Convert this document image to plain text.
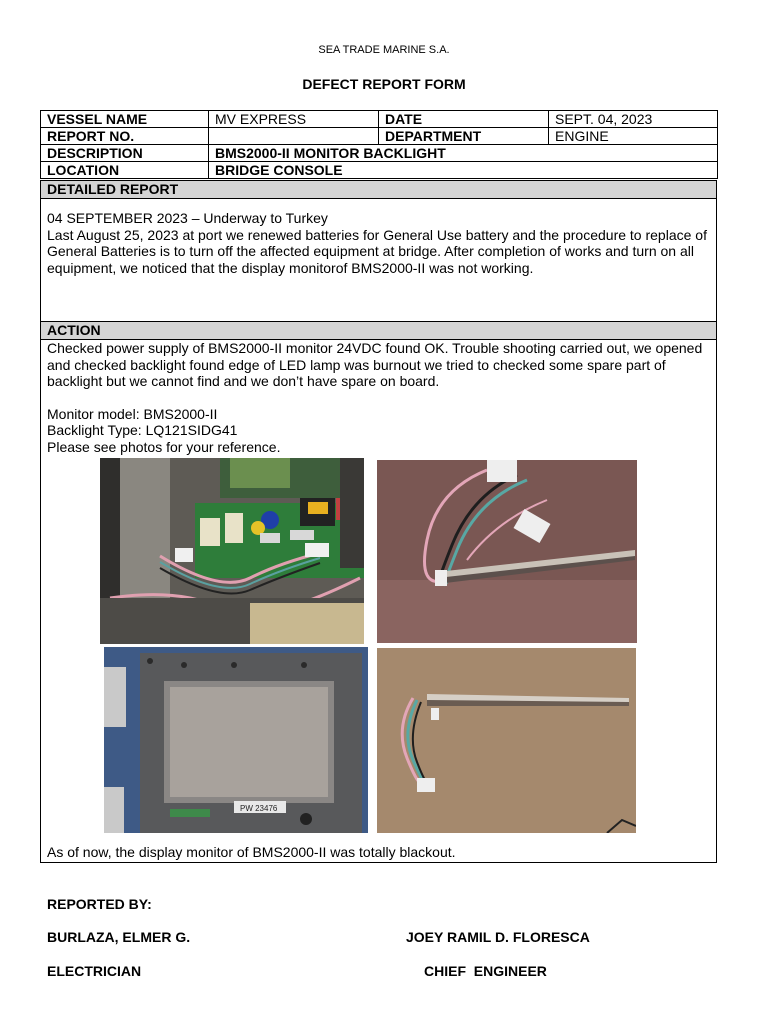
SEA TRADE MARINE S.A.
DEFECT REPORT FORM
VESSEL NAME	MV EXPRESS	DATE	SEPT. 04, 2023
REPORT NO.		DEPARTMENT	ENGINE
DESCRIPTION	BMS2000-II MONITOR BACKLIGHT		
LOCATION	BRIDGE CONSOLE		
DETAILED REPORT
04 SEPTEMBER 2023 – Underway to Turkey
Last August 25, 2023 at port we renewed batteries for General Use battery and the procedure to replace of General Batteries is to turn off the affected equipment at bridge. After completion of works and turn on all equipment, we noticed that the display monitorof BMS2000-II was not working.
ACTION
Checked power supply of BMS2000-II monitor 24VDC found OK. Trouble shooting carried out, we opened and checked backlight found edge of LED lamp was burnout we tried to checked some spare part of backlight but we cannot find and we don’t have spare on board.
Monitor model: BMS2000-II
Backlight Type: LQ121SIDG41
Please see photos for your reference.
As of now, the display monitor of BMS2000-II was totally blackout.
PW 23476
REPORTED BY:
BURLAZA, ELMER G.
ELECTRICIAN
JOEY RAMIL D. FLORESCA
CHIEF  ENGINEER
